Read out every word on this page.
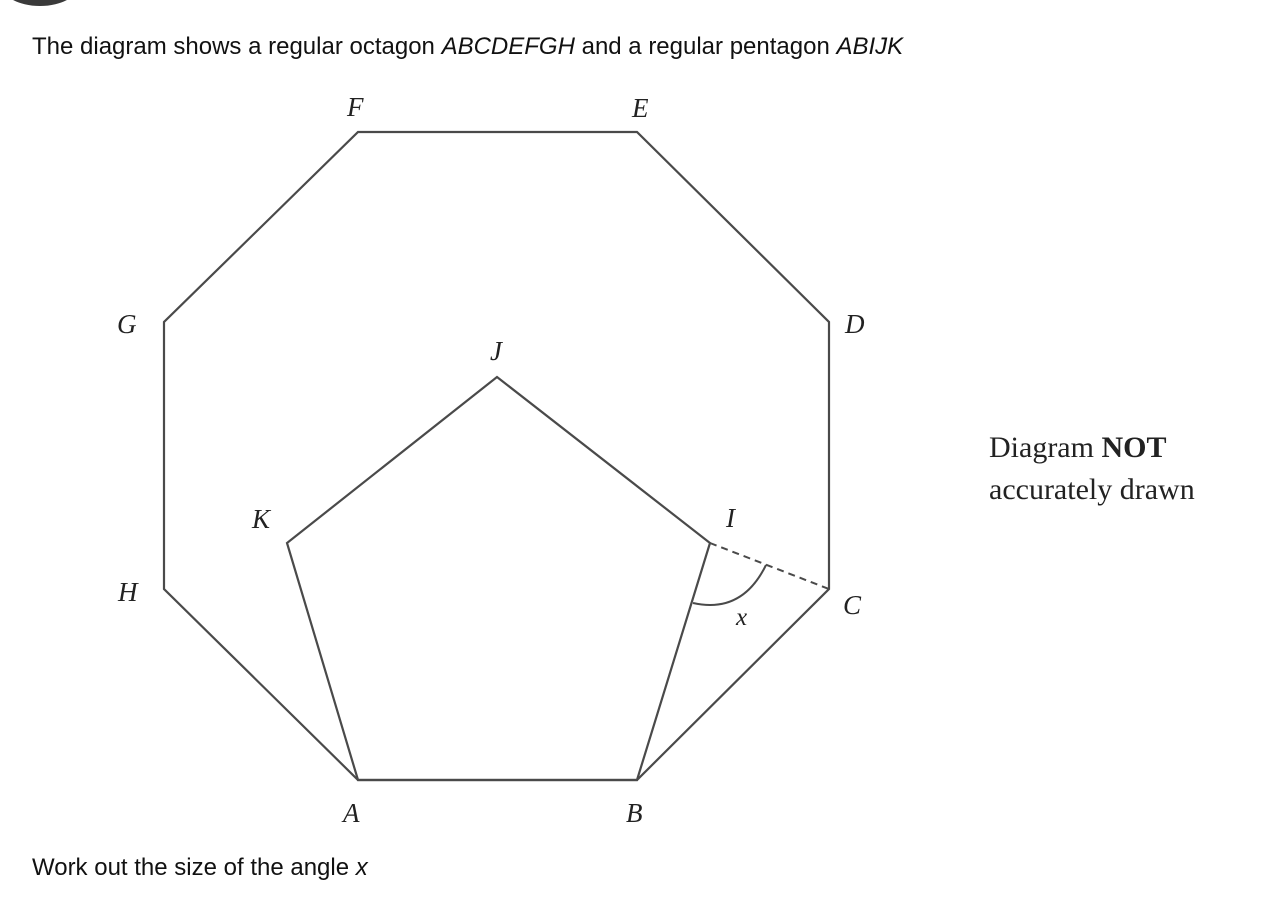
The diagram shows a regular octagon ABCDEFGH and a regular pentagon ABIJK
A	B
C
D
E
F
G
H
I
J
K
x
Diagram NOT
accurately drawn
Work out the size of the angle x
